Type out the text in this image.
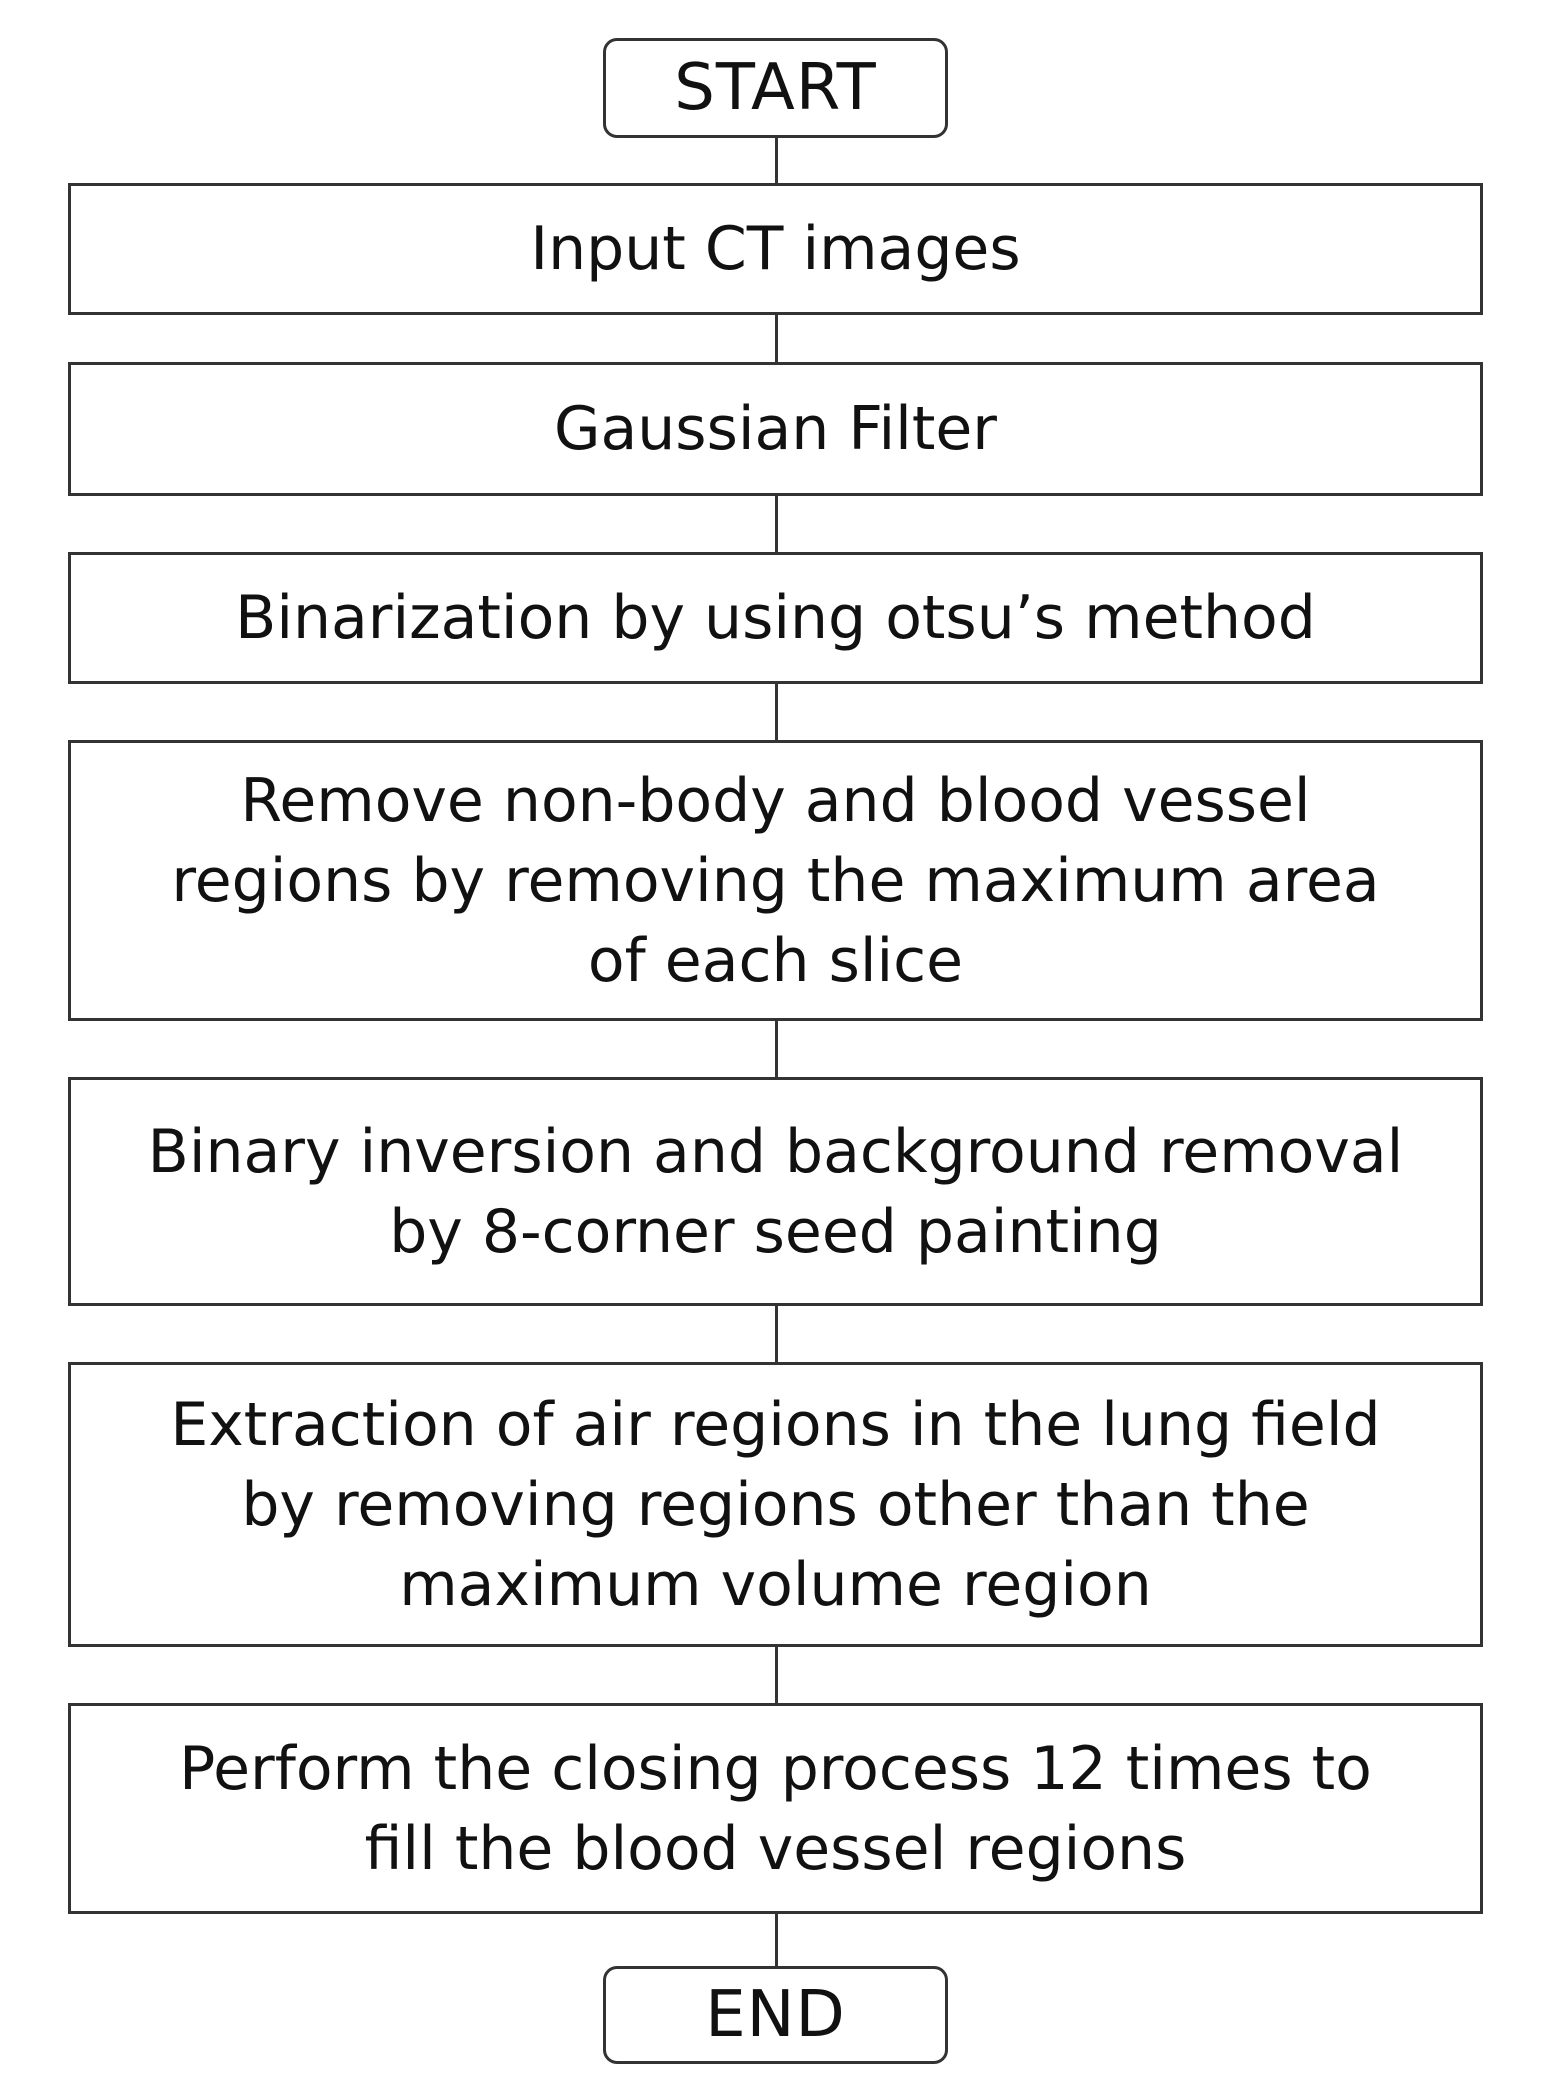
START
Input CT images
Gaussian Filter
Binarization by using otsu’s method
Remove non-body and blood vessel
regions by removing the maximum area
of each slice
Binary inversion and background removal
by 8-corner seed painting
Extraction of air regions in the lung field
by removing regions other than the
maximum volume region
Perform the closing process 12 times to
fill the blood vessel regions
END
